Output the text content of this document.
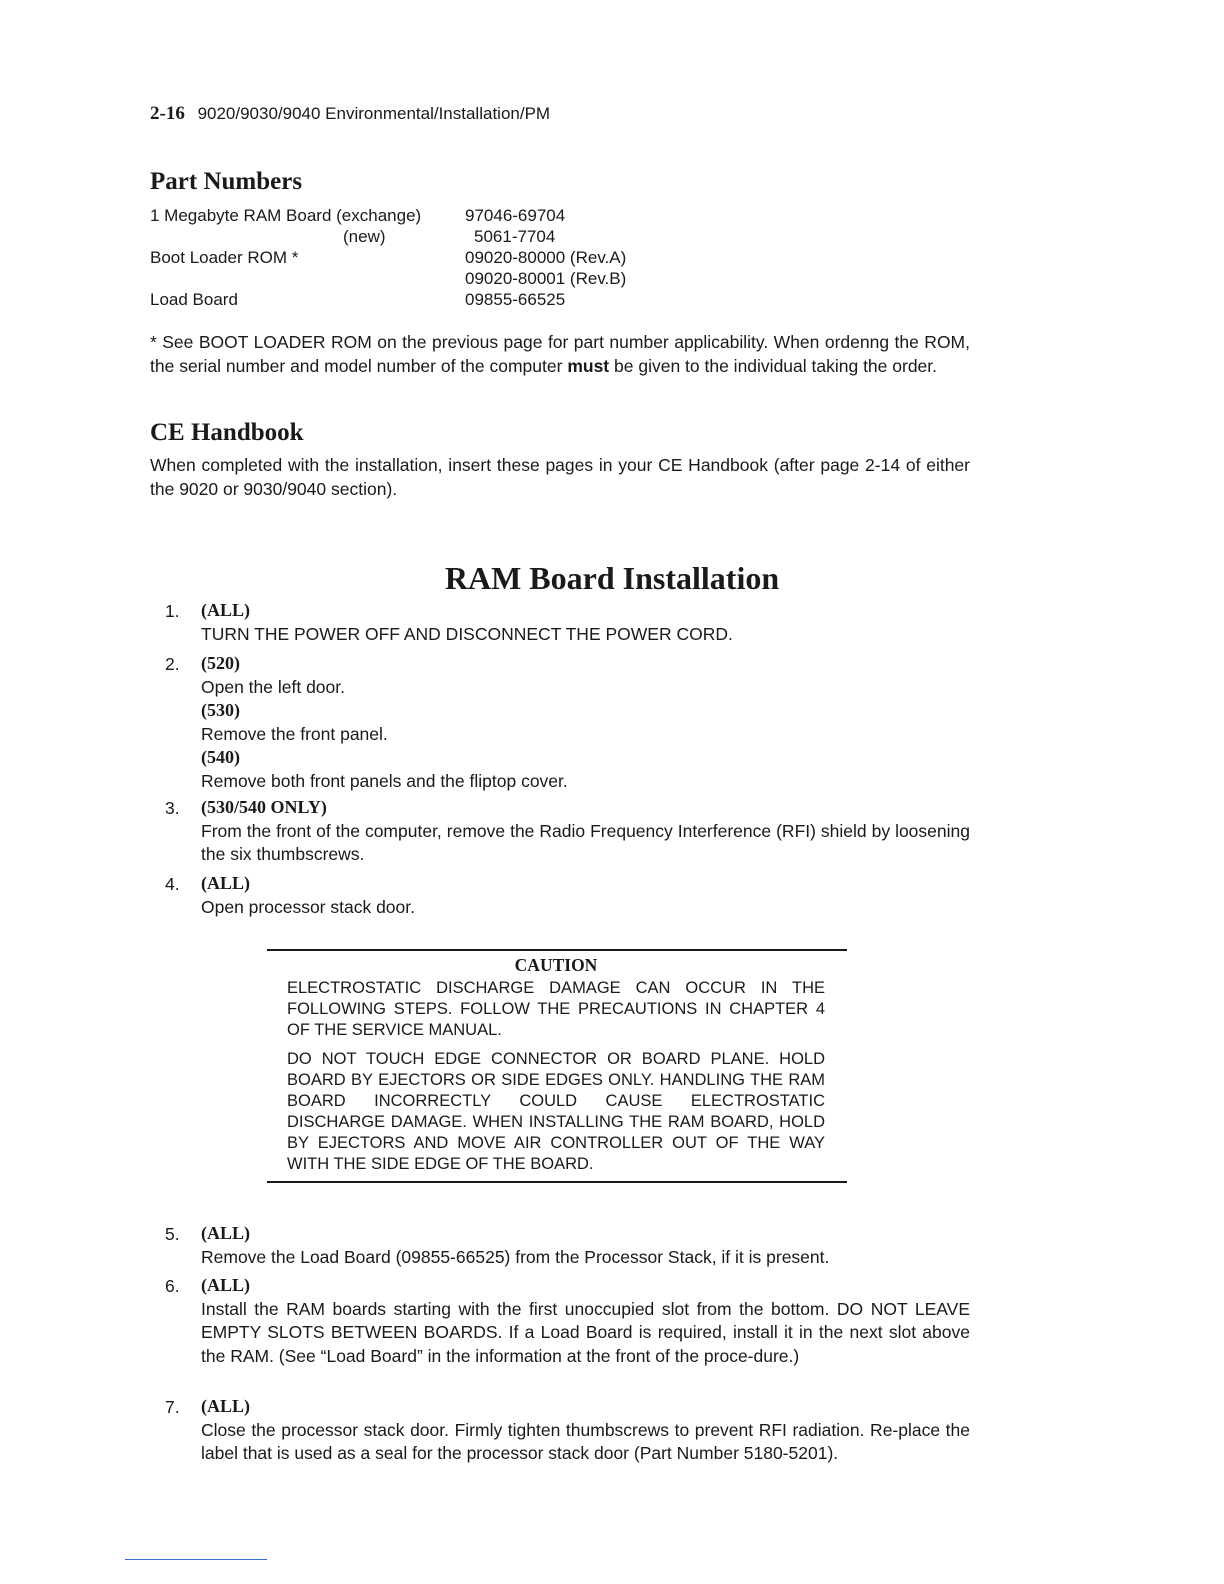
2-16 9020/9030/9040 Environmental/Installation/PM
Part Numbers
1 Megabyte RAM Board (exchange)	97046-69704
(new)	5061-7704
Boot Loader ROM *	09020-80000 (Rev.A)
09020-80001 (Rev.B)
Load Board	09855-66525
* See BOOT LOADER ROM on the previous page for part number applicability. When ordenng the ROM, the serial number and model number of the computer must be given to the individual taking the order.
CE Handbook
When completed with the installation, insert these pages in your CE Handbook (after page 2-14 of either the 9020 or 9030/9040 section).
RAM Board Installation
1. (ALL)
TURN THE POWER OFF AND DISCONNECT THE POWER CORD.
2. (520)
Open the left door.
(530)
Remove the front panel.
(540)
Remove both front panels and the fliptop cover.
3. (530/540 ONLY)
From the front of the computer, remove the Radio Frequency Interference (RFI) shield by loosening the six thumbscrews.
4. (ALL)
Open processor stack door.
CAUTION

ELECTROSTATIC DISCHARGE DAMAGE CAN OCCUR IN THE FOLLOWING STEPS. FOLLOW THE PRECAUTIONS IN CHAPTER 4 OF THE SERVICE MANUAL.

DO NOT TOUCH EDGE CONNECTOR OR BOARD PLANE. HOLD BOARD BY EJECTORS OR SIDE EDGES ONLY. HANDLING THE RAM BOARD INCORRECTLY COULD CAUSE ELECTROSTATIC DISCHARGE DAMAGE. WHEN INSTALLING THE RAM BOARD, HOLD BY EJECTORS AND MOVE AIR CONTROLLER OUT OF THE WAY WITH THE SIDE EDGE OF THE BOARD.

5. (ALL)
Remove the Load Board (09855-66525) from the Processor Stack, if it is present.
6. (ALL)
Install the RAM boards starting with the first unoccupied slot from the bottom. DO NOT LEAVE EMPTY SLOTS BETWEEN BOARDS. If a Load Board is required, install it in the next slot above the RAM. (See “Load Board” in the information at the front of the proce-dure.)
7. (ALL)
Close the processor stack door. Firmly tighten thumbscrews to prevent RFI radiation. Re-place the label that is used as a seal for the processor stack door (Part Number 5180-5201).
